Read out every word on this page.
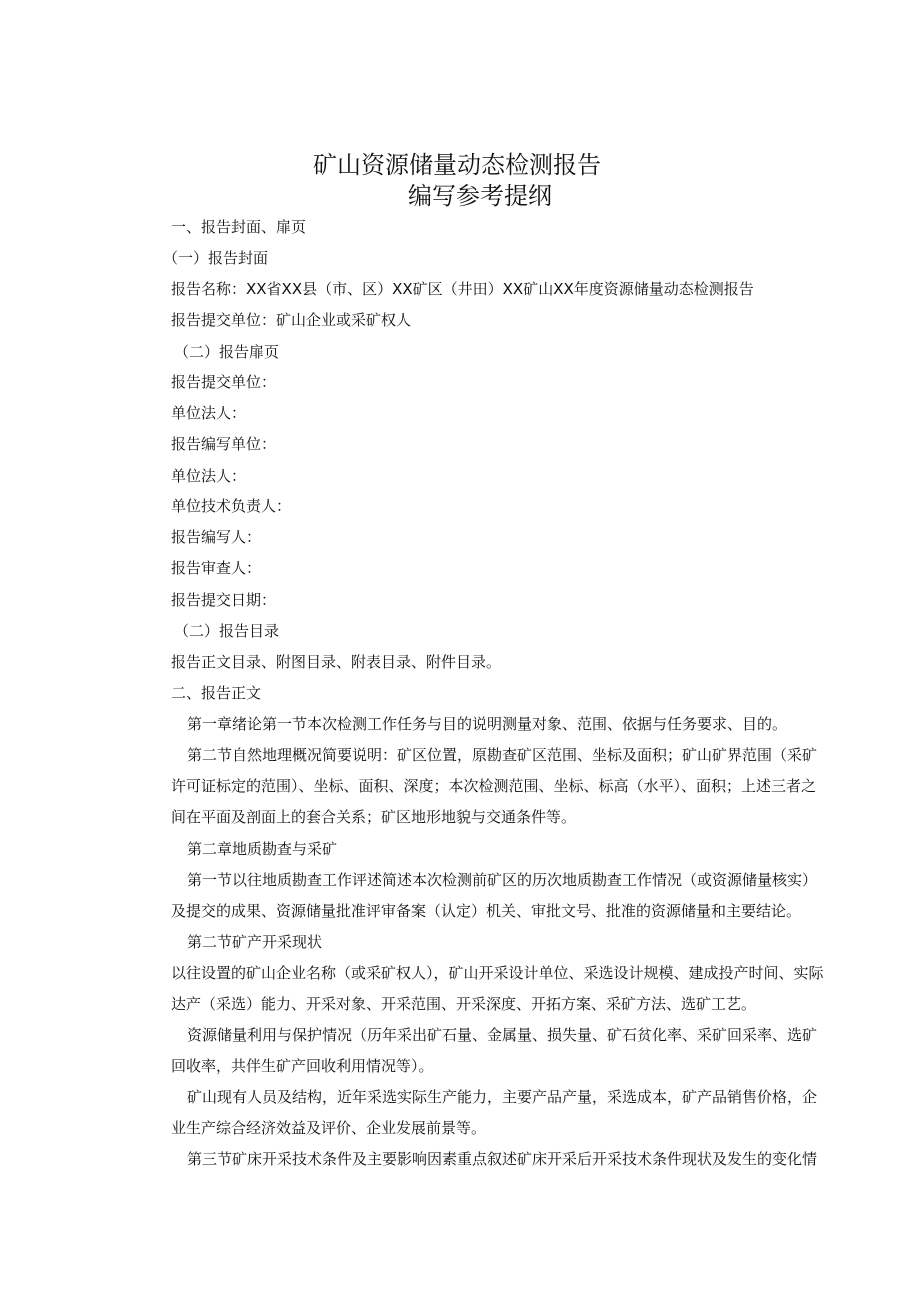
矿山资源储量动态检测报告
编写参考提纲
一、报告封面、扉页
（一）报告封面
报告名称：XX省XX县（市、区）XX矿区（井田）XX矿山XX年度资源储量动态检测报告
报告提交单位：矿山企业或采矿权人
（二）报告扉页
报告提交单位：
单位法人：
报告编写单位：
单位法人：
单位技术负责人：
报告编写人：
报告审查人：
报告提交日期：
（二）报告目录
报告正文目录、附图目录、附表目录、附件目录。
二、报告正文
第一章绪论第一节本次检测工作任务与目的说明测量对象、范围、依据与任务要求、目的。
第二节自然地理概况简要说明：矿区位置，原勘查矿区范围、坐标及面积；矿山矿界范围（采矿
许可证标定的范围）、坐标、面积、深度；本次检测范围、坐标、标高（水平）、面积；上述三者之
间在平面及剖面上的套合关系；矿区地形地貌与交通条件等。
第二章地质勘查与采矿
第一节以往地质勘查工作评述简述本次检测前矿区的历次地质勘查工作情况（或资源储量核实）
及提交的成果、资源储量批准评审备案（认定）机关、审批文号、批准的资源储量和主要结论。
第二节矿产开采现状
以往设置的矿山企业名称（或采矿权人），矿山开采设计单位、采选设计规模、建成投产时间、实际
达产（采选）能力、开采对象、开采范围、开采深度、开拓方案、采矿方法、选矿工艺。
资源储量利用与保护情况（历年采出矿石量、金属量、损失量、矿石贫化率、采矿回采率、选矿
回收率，共伴生矿产回收利用情况等）。
矿山现有人员及结构，近年采选实际生产能力，主要产品产量，采选成本，矿产品销售价格，企
业生产综合经济效益及评价、企业发展前景等。
第三节矿床开采技术条件及主要影响因素重点叙述矿床开采后开采技术条件现状及发生的变化情
